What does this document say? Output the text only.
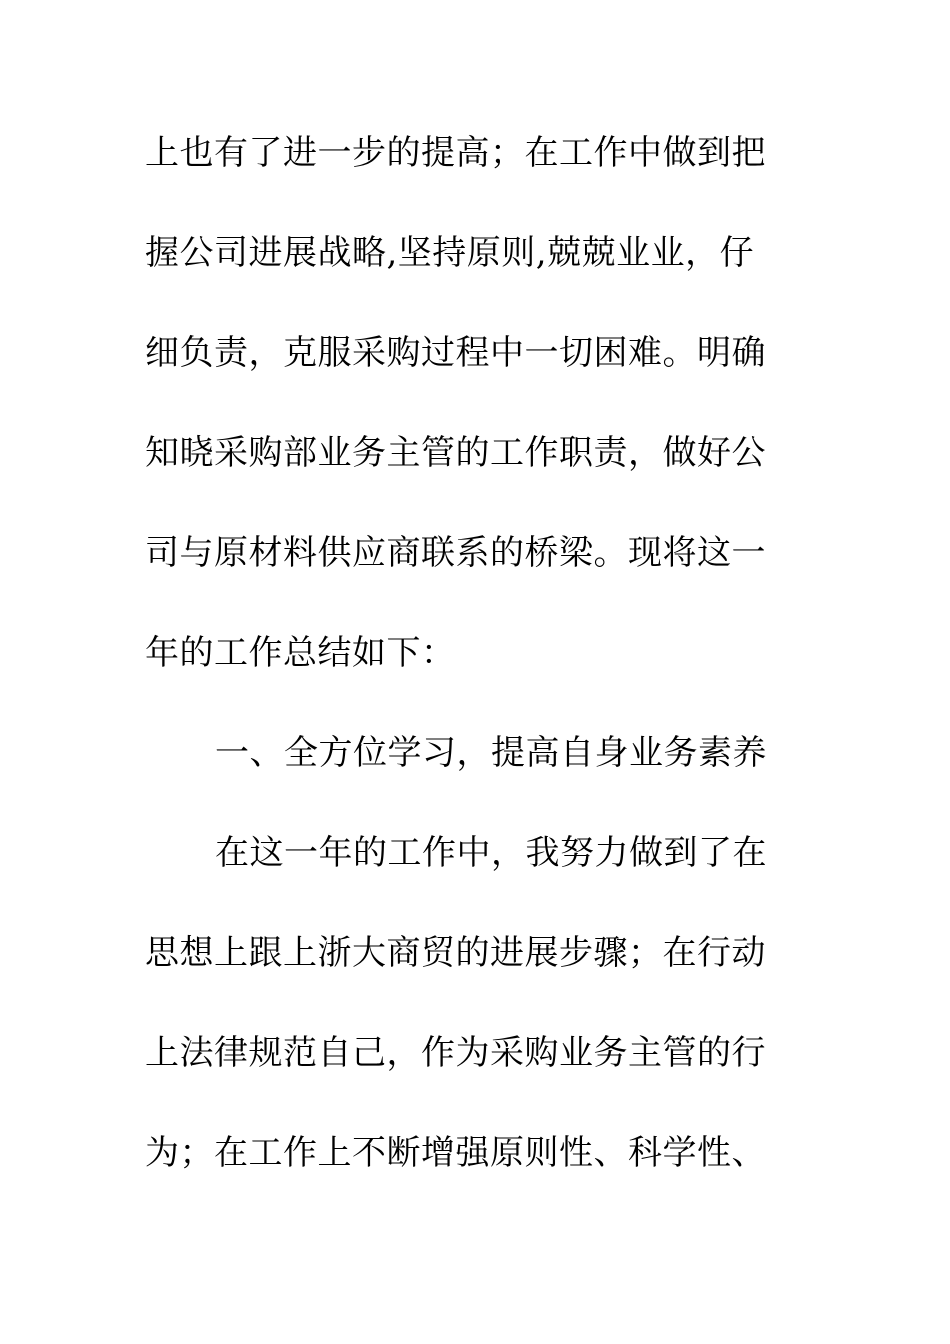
上也有了进一步的提高；在工作中做到把
握公司进展战略,坚持原则,兢兢业业，仔
细负责，克服采购过程中一切困难。明确
知晓采购部业务主管的工作职责，做好公
司与原材料供应商联系的桥梁。现将这一
年的工作总结如下：
一、全方位学习，提高自身业务素养
在这一年的工作中，我努力做到了在
思想上跟上浙大商贸的进展步骤；在行动
上法律规范自己，作为采购业务主管的行
为；在工作上不断增强原则性、科学性、
